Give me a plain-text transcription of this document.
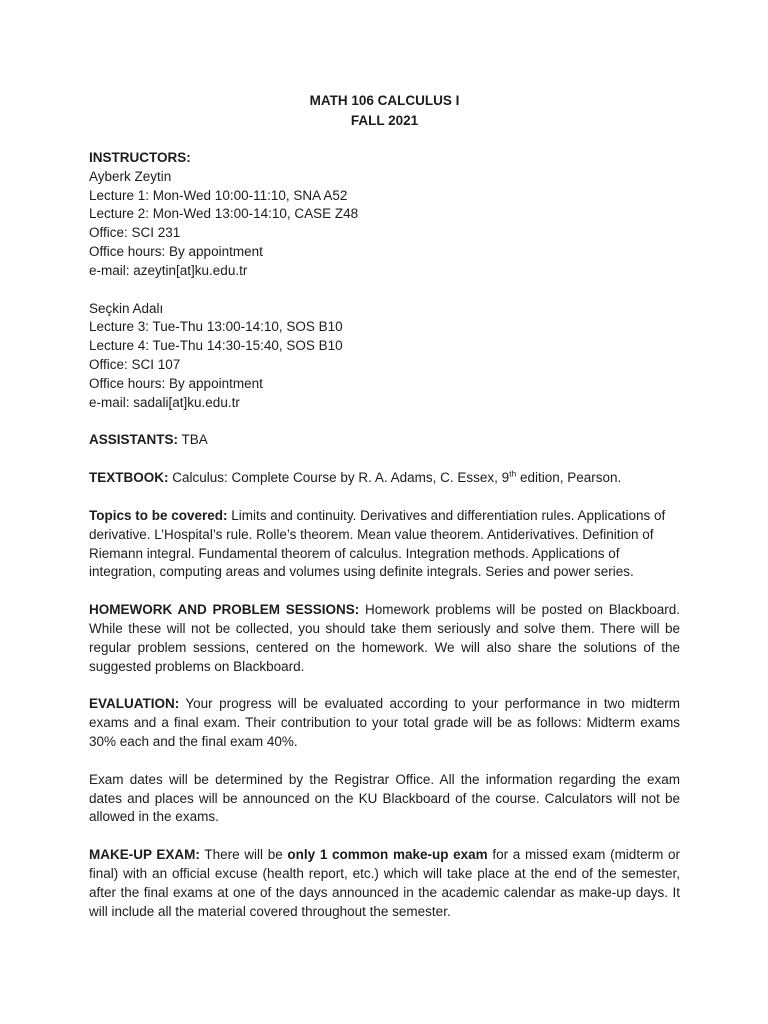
MATH 106 CALCULUS I
FALL 2021
INSTRUCTORS:
Ayberk Zeytin
Lecture 1: Mon-Wed 10:00-11:10, SNA A52
Lecture 2: Mon-Wed 13:00-14:10, CASE Z48
Office: SCI 231
Office hours: By appointment
e-mail: azeytin[at]ku.edu.tr
Seçkin Adalı
Lecture 3: Tue-Thu 13:00-14:10, SOS B10
Lecture 4: Tue-Thu 14:30-15:40, SOS B10
Office: SCI 107
Office hours: By appointment
e-mail: sadali[at]ku.edu.tr
ASSISTANTS: TBA
TEXTBOOK: Calculus: Complete Course by R. A. Adams, C. Essex, 9th edition, Pearson.
Topics to be covered: Limits and continuity. Derivatives and differentiation rules. Applications of derivative. L’Hospital’s rule. Rolle’s theorem. Mean value theorem. Antiderivatives. Definition of Riemann integral. Fundamental theorem of calculus. Integration methods. Applications of integration, computing areas and volumes using definite integrals. Series and power series.
HOMEWORK AND PROBLEM SESSIONS: Homework problems will be posted on Blackboard. While these will not be collected, you should take them seriously and solve them. There will be regular problem sessions, centered on the homework. We will also share the solutions of the suggested problems on Blackboard.
EVALUATION: Your progress will be evaluated according to your performance in two midterm exams and a final exam. Their contribution to your total grade will be as follows: Midterm exams 30% each and the final exam 40%.
Exam dates will be determined by the Registrar Office. All the information regarding the exam dates and places will be announced on the KU Blackboard of the course. Calculators will not be allowed in the exams.
MAKE-UP EXAM: There will be only 1 common make-up exam for a missed exam (midterm or final) with an official excuse (health report, etc.) which will take place at the end of the semester, after the final exams at one of the days announced in the academic calendar as make-up days. It will include all the material covered throughout the semester.
